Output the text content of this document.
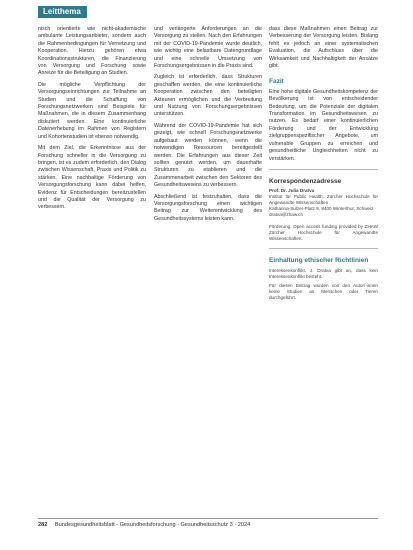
Leitthema

nisch orientierte wie nicht-akademische ambulante Leistungsanbieter, sondern auch die Rahmenbedingungen für Vernetzung und Kooperation. Hierzu gehören etwa Koordinationsstrukturen, die Finanzierung von Versorgung und Forschung sowie Anreize für die Beteiligung an Studien.

Die mögliche Verpflichtung der Versorgungseinrichtungen zur Teilnahme an Studien und die Schaffung von Forschungsnetzwerken sind Beispiele für Maßnahmen, die in diesem Zusammenhang diskutiert werden. Eine kontinuierliche Datenerhebung im Rahmen von Registern und Kohortenstudien ist ebenso notwendig.

Mit dem Ziel, die Erkenntnisse aus der Forschung schneller in die Versorgung zu bringen, ist es zudem erforderlich, den Dialog zwischen Wissenschaft, Praxis und Politik zu stärken. Eine nachhaltige Förderung von Versorgungsforschung kann dabei helfen, Evidenz für Entscheidungen bereitzustellen und die Qualität der Versorgung zu verbessern.

und verlängerte Anforderungen an die Versorgung zu stellen. Nach den Erfahrungen mit der COVID-19-Pandemie wurde deutlich, wie wichtig eine belastbare Datengrundlage und eine schnelle Umsetzung von Forschungsergebnissen in die Praxis sind.

Zugleich ist erforderlich, dass Strukturen geschaffen werden, die eine kontinuierliche Kooperation zwischen den beteiligten Akteuren ermöglichen und die Verbreitung und Nutzung von Forschungsergebnissen unterstützen.

Während der COVID-19-Pandemie hat sich gezeigt, wie schnell Forschungsnetzwerke aufgebaut werden können, wenn die notwendigen Ressourcen bereitgestellt werden. Die Erfahrungen aus dieser Zeit sollten genutzt werden, um dauerhafte Strukturen zu etablieren und die Zusammenarbeit zwischen den Sektoren des Gesundheitswesens zu verbessern.

Abschließend ist festzuhalten, dass die Versorgungsforschung einen wichtigen Beitrag zur Weiterentwicklung des Gesundheitssystems leisten kann.

dass diese Maßnahmen einen Beitrag zur Verbesserung der Versorgung leisten. Bislang fehlt es jedoch an einer systematischen Evaluation, die Aufschluss über die Wirksamkeit und Nachhaltigkeit der Ansätze gibt.

Fazit

Eine hohe digitale Gesundheitskompetenz der Bevölkerung ist von entscheidender Bedeutung, um die Potenziale der digitalen Transformation im Gesundheitswesen zu nutzen. Es bedarf einer kontinuierlichen Förderung und der Entwicklung zielgruppenspezifischer Angebote, um vulnerable Gruppen zu erreichen und gesundheitliche Ungleichheiten nicht zu verstärken.

Korrespondenzadresse
Prof. Dr. Julia Dratva
Institut für Public Health, Zürcher Hochschule für Angewandte Wissenschaften
Katharina-Sulzer-Platz 9, 8400 Winterthur, Schweiz
dratva@zhaw.ch
Förderung. Open access funding provided by ZHAW Zürcher Hochschule für Angewandte Wissenschaften.
Einhaltung ethischer Richtlinien
Interessenkonflikt. J. Dratva gibt an, dass kein Interessenkonflikt besteht.
Für diesen Beitrag wurden von den Autor/-innen keine Studien an Menschen oder Tieren durchgeführt.
282 Bundesgesundheitsblatt - Gesundheitsforschung - Gesundheitsschutz 3 · 2024
